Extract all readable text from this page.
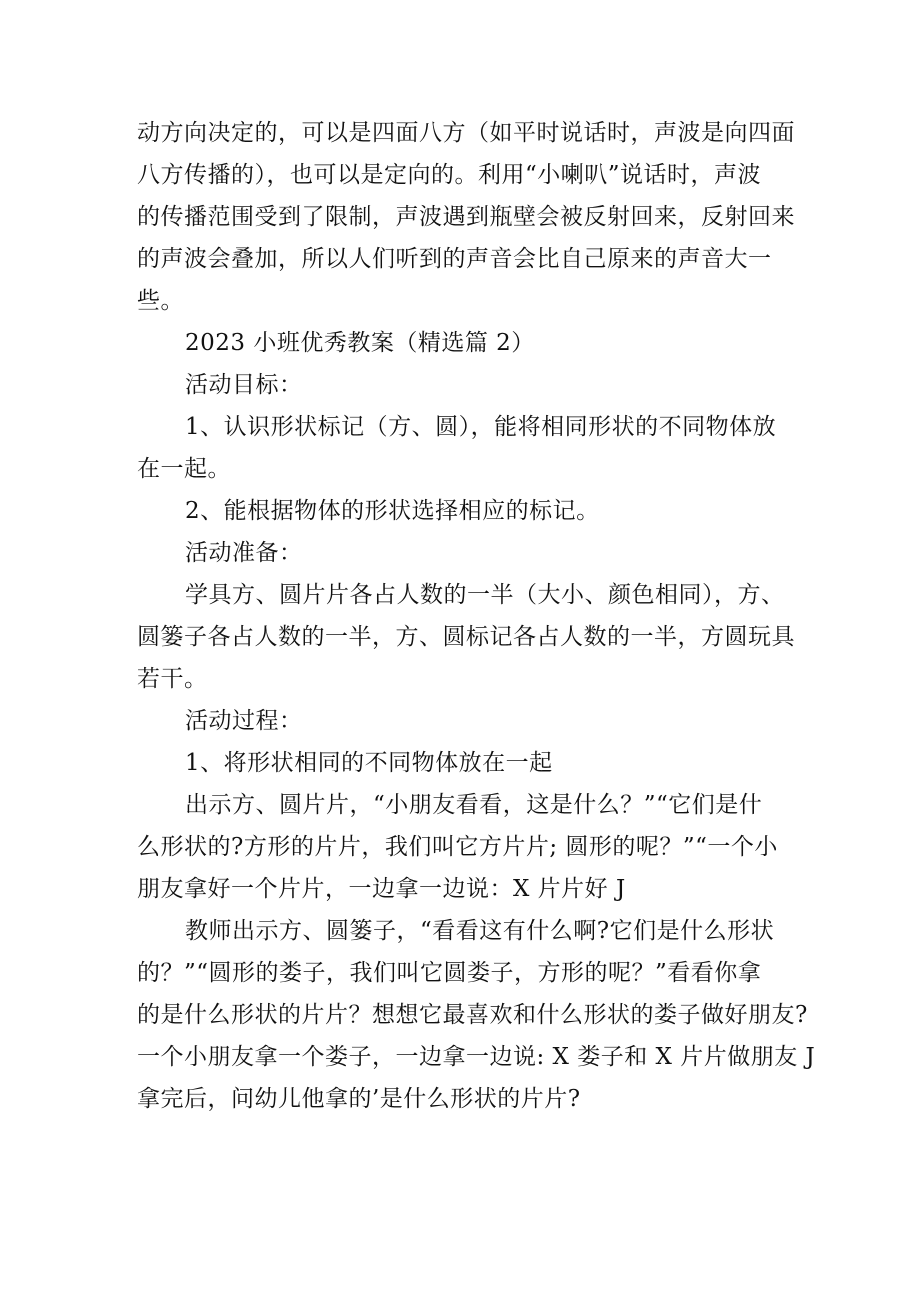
动方向决定的，可以是四面八方（如平时说话时，声波是向四面
八方传播的），也可以是定向的。利用“小喇叭”说话时，声波
的传播范围受到了限制，声波遇到瓶壁会被反射回来，反射回来
的声波会叠加，所以人们听到的声音会比自己原来的声音大一
些。
2023 小班优秀教案（精选篇 2）
活动目标：
1、认识形状标记（方、圆），能将相同形状的不同物体放
在一起。
2、能根据物体的形状选择相应的标记。
活动准备：
学具方、圆片片各占人数的一半（大小、颜色相同），方、
圆篓子各占人数的一半，方、圆标记各占人数的一半，方圆玩具
若干。
活动过程：
1、将形状相同的不同物体放在一起
出示方、圆片片，“小朋友看看，这是什么？”“它们是什
么形状的?方形的片片，我们叫它方片片; 圆形的呢？”“一个小
朋友拿好一个片片，一边拿一边说：X 片片好 J
教师出示方、圆篓子，“看看这有什么啊?它们是什么形状
的？”“圆形的娄子，我们叫它圆娄子，方形的呢？”看看你拿
的是什么形状的片片？想想它最喜欢和什么形状的娄子做好朋友?
一个小朋友拿一个娄子，一边拿一边说: X 娄子和 X 片片做朋友 J
拿完后，问幼儿他拿的’是什么形状的片片?
